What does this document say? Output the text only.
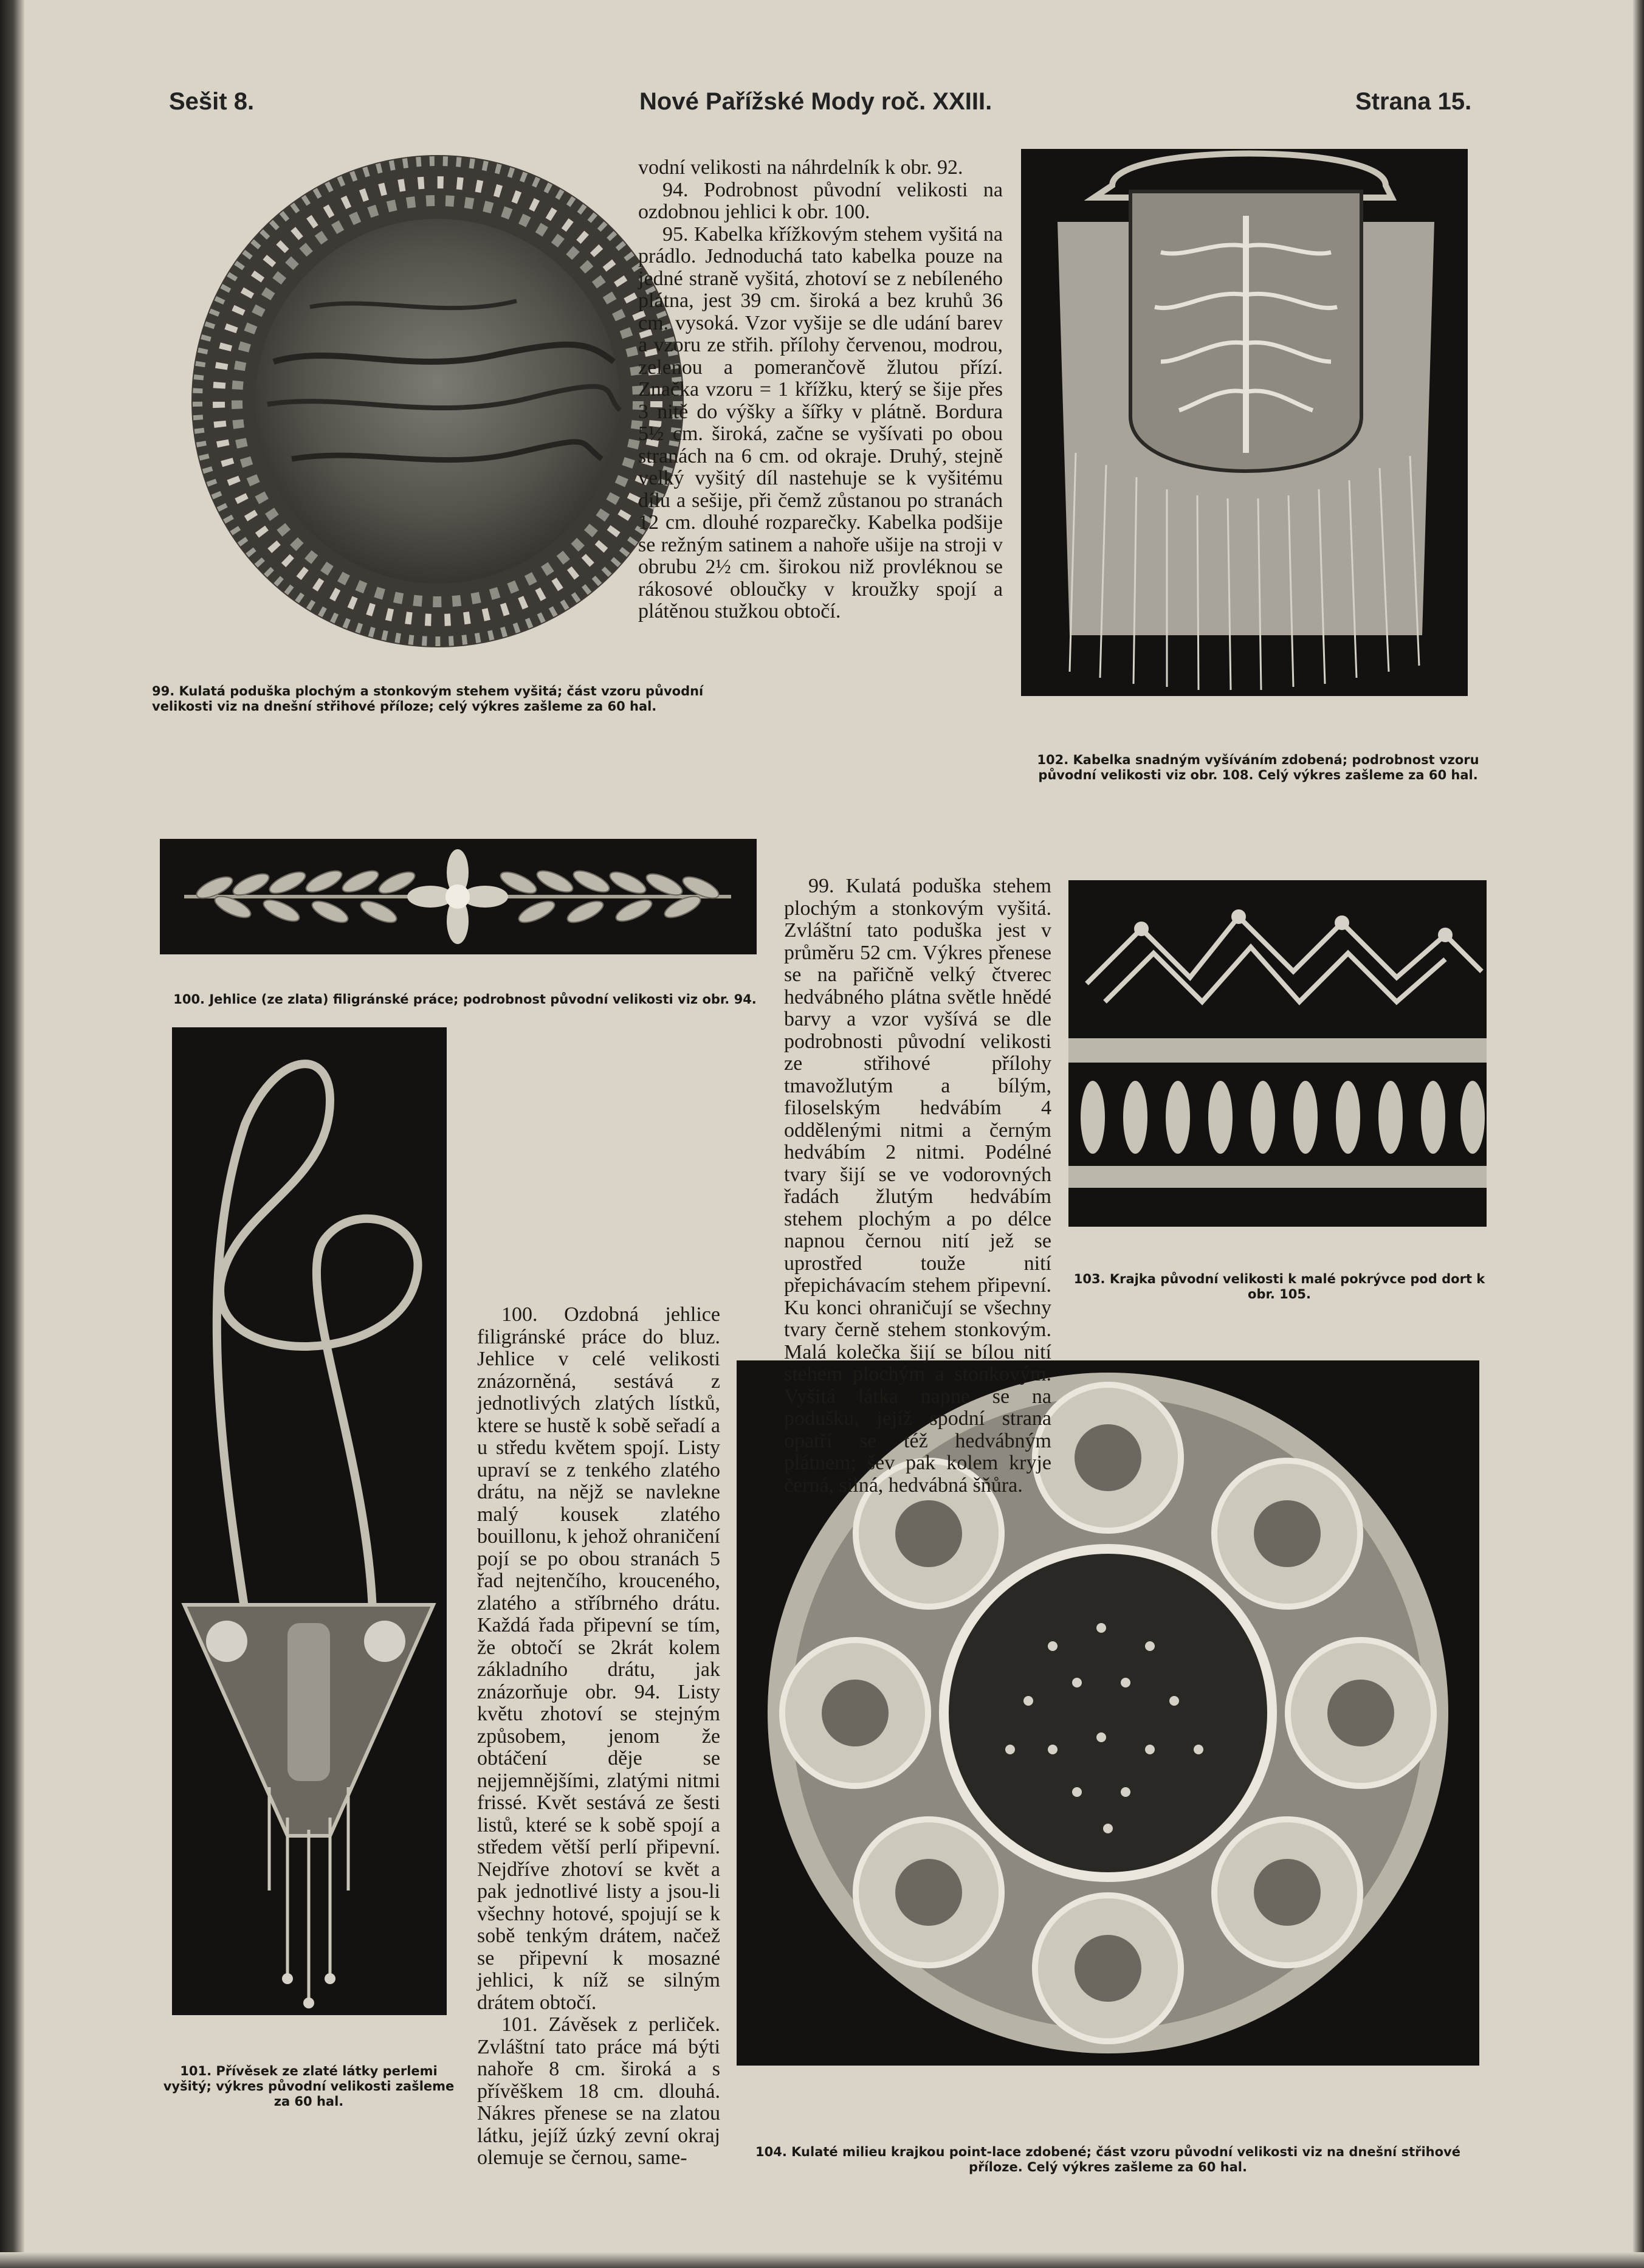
Sešit 8.	Nové Pařížské Mody roč. XXIII.	Strana 15.
99. Kulatá poduška plochým a stonkovým stehem vyšitá; část vzoru původní velikosti viz na dnešní střihové příloze; celý výkres zašleme za 60 hal.
100. Jehlice (ze zlata) filigránské práce; podrobnost původní velikosti viz obr. 94.
101. Přívěsek ze zlaté látky perlemi vyšitý; výkres původní velikosti zašleme za 60 hal.
102. Kabelka snadným vyšíváním zdobená; podrobnost vzoru původní velikosti viz obr. 108. Celý výkres zašleme za 60 hal.
103. Krajka původní velikosti k malé pokrývce pod dort k obr. 105.
104. Kulaté milieu krajkou point-lace zdobené; část vzoru původní velikosti viz na dnešní střihové příloze. Celý výkres zašleme za 60 hal.

vodní velikosti na náhrdelník k obr. 92.

94. Podrobnost původní velikosti na ozdobnou jehlici k obr. 100.

95. Kabelka křížkovým stehem vyšitá na prádlo. Jednoduchá tato kabelka pouze na jedné straně vyšitá, zhotoví se z nebíleného plátna, jest 39 cm. široká a bez kruhů 36 cm. vysoká. Vzor vyšije se dle udání barev a vzoru ze střih. přílohy červenou, modrou, zelenou a pomerančově žlutou přízí. Značka vzoru = 1 křížku, který se šije přes 3 nitě do výšky a šířky v plátně. Bordura 5½ cm. široká, začne se vyšívati po obou stranách na 6 cm. od okraje. Druhý, stejně velký vyšitý díl nastehuje se k vyšitému dílu a sešije, při čemž zůstanou po stranách 12 cm. dlouhé rozparečky. Kabelka podšije se režným satinem a nahoře ušije na stroji v obrubu 2½ cm. širokou niž provléknou se rákosové obloučky v kroužky spojí a plátěnou stužkou obtočí.

99. Kulatá poduška stehem plochým a stonkovým vyšitá. Zvláštní tato poduška jest v průměru 52 cm. Výkres přenese se na pařičně velký čtverec hedvábného plátna světle hnědé barvy a vzor vyšívá se dle podrobnosti původní velikosti ze střihové přílohy tmavožlutým a bílým, filoselským hedvábím 4 oddělenými nitmi a černým hedvábím 2 nitmi. Podélné tvary šijí se ve vodorovných řadách žlutým hedvábím stehem plochým a po délce napnou černou nití jež se uprostřed touže nití přepichávacím stehem připevní. Ku konci ohraničují se všechny tvary černě stehem stonkovým. Malá kolečka šijí se bílou nití stehem plochým a stonkovým. Vyšitá látka napne se na podušku, jejíž spodní strana opatří se též hedvábným plátnem; šev pak kolem kryje černá, silná, hedvábná šňůra.

100. Ozdobná jehlice filigránské práce do bluz. Jehlice v celé velikosti znázorněná, sestává z jednotlivých zlatých lístků, ktere se hustě k sobě seřadí a u středu květem spojí. Listy upraví se z tenkého zlatého drátu, na nějž se navlekne malý kousek zlatého bouillonu, k jehož ohraničení pojí se po obou stranách 5 řad nejtenčího, krouceného, zlatého a stříbrného drátu. Každá řada připevní se tím, že obtočí se 2krát kolem základního drátu, jak znázorňuje obr. 94. Listy květu zhotoví se stejným způsobem, jenom že obtáčení děje se nejjemnějšími, zlatými nitmi frissé. Květ sestává ze šesti listů, které se k sobě spojí a středem větší perlí připevní. Nejdříve zhotoví se květ a pak jednotlivé listy a jsou-li všechny hotové, spojují se k sobě tenkým drátem, načež se připevní k mosazné jehlici, k níž se silným drátem obtočí.

101. Závěsek z perliček. Zvláštní tato práce má býti nahoře 8 cm. široká a s přívěškem 18 cm. dlouhá. Nákres přenese se na zlatou látku, jejíž úzký zevní okraj olemuje se černou, same-
